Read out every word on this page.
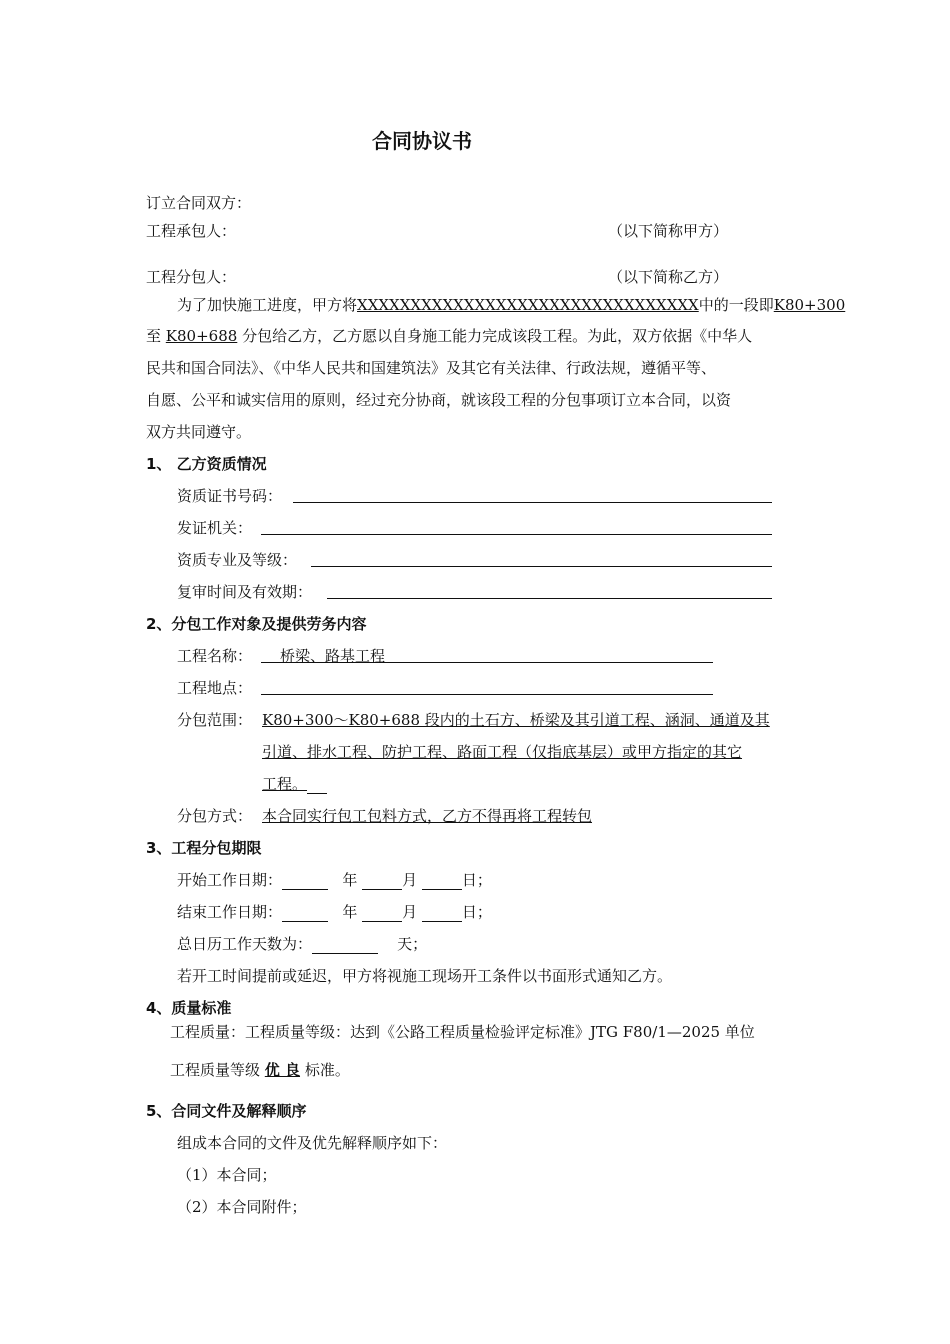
合同协议书
订立合同双方：
工程承包人：	（以下简称甲方）
工程分包人：	（以下简称乙方）
为了加快施工进度，甲方将XXXXXXXXXXXXXXXXXXXXXXXXXXXXXXXX中的一段即K80+300
至 K80+688 分包给乙方，乙方愿以自身施工能力完成该段工程。为此，双方依据《中华人
民共和国合同法》、《中华人民共和国建筑法》及其它有关法律、行政法规，遵循平等、
自愿、公平和诚实信用的原则，经过充分协商，就该段工程的分包事项订立本合同，以资
双方共同遵守。
1、 乙方资质情况
资质证书号码：
发证机关：
资质专业及等级：
复审时间及有效期：
2、分包工作对象及提供劳务内容
工程名称： 桥梁、路基工程
工程地点：
分包范围： K80+300～K80+688 段内的土石方、桥梁及其引道工程、涵洞、通道及其
引道、排水工程、防护工程、路面工程（仅指底基层）或甲方指定的其它
工程。
分包方式： 本合同实行包工包料方式，乙方不得再将工程转包
3、工程分包期限
开始工作日期：	年	月	日；
结束工作日期：	年	月	日；
总日历工作天数为：	天；
若开工时间提前或延迟，甲方将视施工现场开工条件以书面形式通知乙方。
4、质量标准
工程质量：工程质量等级：达到《公路工程质量检验评定标准》JTG F80/1—2025 单位
工程质量等级 优 良 标准。
5、合同文件及解释顺序
组成本合同的文件及优先解释顺序如下：
（1）本合同；
（2）本合同附件；
